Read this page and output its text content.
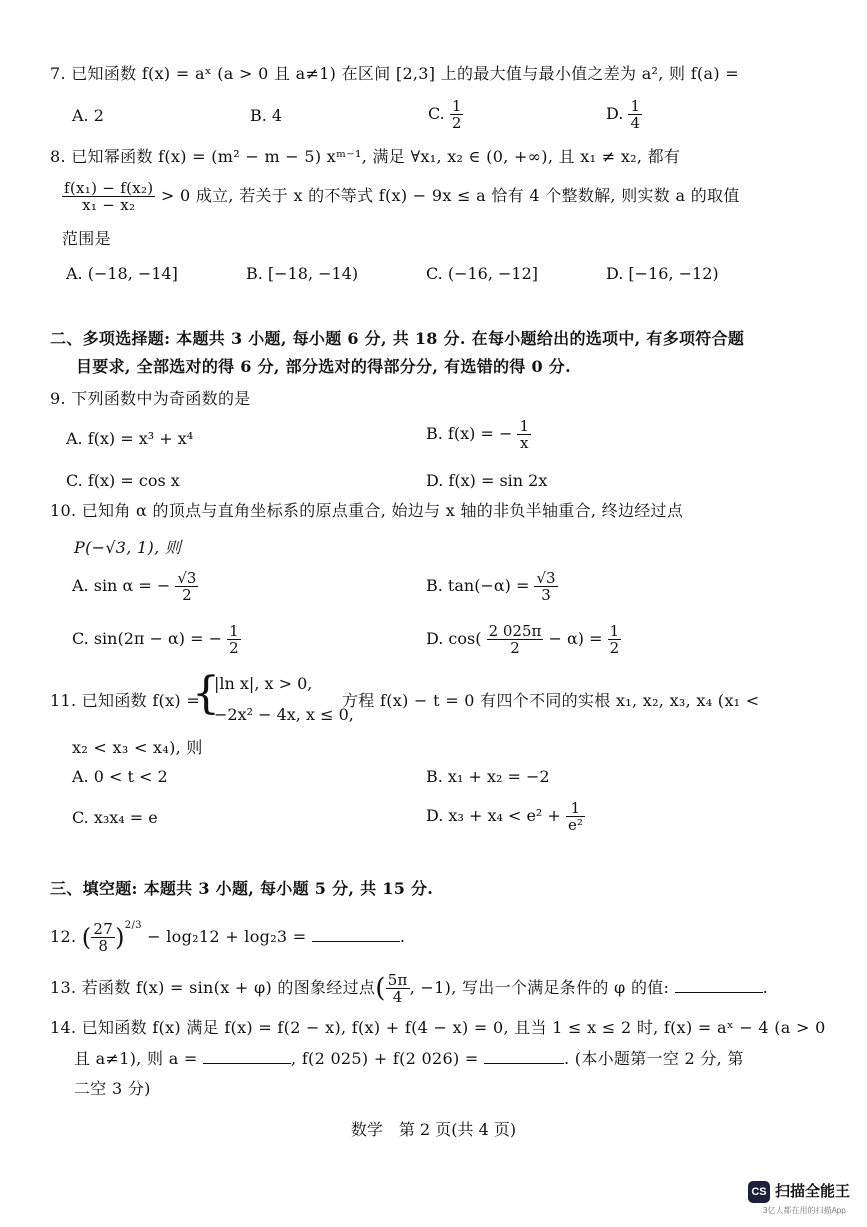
7. 已知函数 f(x) = aˣ (a > 0 且 a≠1) 在区间 [2,3] 上的最大值与最小值之差为 a², 则 f(a) =
A. 2	B. 4	C. $\frac{1}{2}$	D. $\frac{1}{4}$
8. 已知幂函数 f(x) = (m² − m − 5) xᵐ⁻¹, 满足 ∀x₁, x₂ ∈ (0, +∞), 且 x₁ ≠ x₂, 都有
$\frac{\text{f(x₁) − f(x₂)}}{\text{x₁ − x₂}} > 0$ 成立, 若关于 x 的不等式 f(x) − 9x ≤ a 恰有 4 个整数解, 则实数 a 的取值
范围是
A. (−18, −14]	B. [−18, −14)	C. (−16, −12]	D. [−16, −12)
二、多项选择题: 本题共 3 小题, 每小题 6 分, 共 18 分. 在每小题给出的选项中, 有多项符合题
目要求, 全部选对的得 6 分, 部分选对的得部分分, 有选错的得 0 分.
9. 下列函数中为奇函数的是
A. f(x) = x³ + x⁴	B. f(x) = − $\frac{1}{x}$
C. f(x) = cos x	D. f(x) = sin 2x
10. 已知角 α 的顶点与直角坐标系的原点重合, 始边与 x 轴的非负半轴重合, 终边经过点
P(−√3, 1), 则
A. sin α = − $\frac{√3}{2}$	B. $\tan(-\alpha) = \frac{√3}{3}$
C. sin(2π − α) = − $\frac{1}{2}$	D. $\cos( \frac{2 025\pi}{2} - \alpha) = \frac{1}{2}$
11. 已知函数 f(x) =
{
|ln x|, x > 0,
−2x² − 4x, x ≤ 0,
方程 f(x) − t = 0 有四个不同的实根 x₁, x₂, x₃, x₄ (x₁ <
x₂ < x₃ < x₄), 则
A. 0 < t < 2	B. x₁ + x₂ = −2
C. x₃x₄ = e	D. $x_3 + x_4 < e^2 + \frac{1}{\text{e²}}$
三、填空题: 本题共 3 小题, 每小题 5 分, 共 15 分.
12. ( $\frac{27}{8} )^{2/3} - \log_212 + \log_23$ =	.
13. 若函数 f(x) = sin(x + φ) 的图象经过点( $\frac{5\pi}{4}$ , −1), 写出一个满足条件的 φ 的值:	.
14. 已知函数 f(x) 满足 f(x) = f(2 − x), f(x) + f(4 − x) = 0, 且当 1 ≤ x ≤ 2 时, f(x) = aˣ − 4 (a > 0
且 a≠1), 则 a =	, f(2 025) + f(2 026) =	. (本小题第一空 2 分, 第
二空 3 分)
数学　第 2 页(共 4 页)
CS 扫描全能王
3亿人都在用的扫描App
